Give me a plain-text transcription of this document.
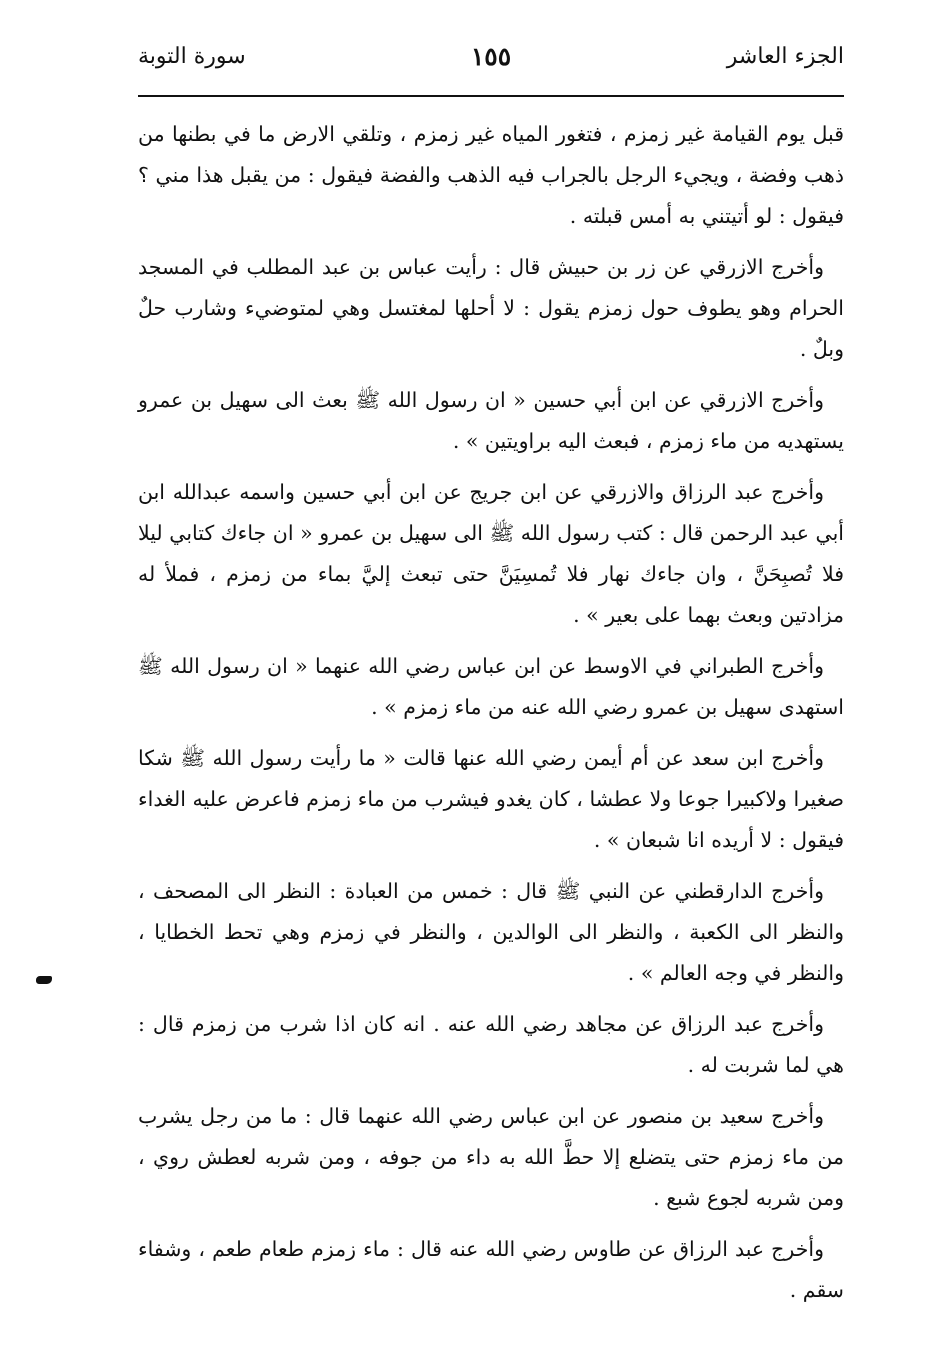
الجزء العاشر
١٥٥
سورة التوبة

قبل يوم القيامة غير زمزم ، فتغور المياه غير زمزم ، وتلقي الارض ما في بطنها من ذهب وفضة ، ويجيء الرجل بالجراب فيه الذهب والفضة فيقول : من يقبل هذا مني ؟ فيقول : لو أتيتني به أمس قبلته .

وأخرج الازرقي عن زر بن حبيش قال : رأيت عباس بن عبد المطلب في المسجد الحرام وهو يطوف حول زمزم يقول : لا أحلها لمغتسل وهي لمتوضيء وشارب حلٌ وبلٌ .

وأخرج الازرقي عن ابن أبي حسين « ان رسول الله ﷺ بعث الى سهيل بن عمرو يستهديه من ماء زمزم ، فبعث اليه براويتين » .

وأخرج عبد الرزاق والازرقي عن ابن جريج عن ابن أبي حسين واسمه عبدالله ابن أبي عبد الرحمن قال : كتب رسول الله ﷺ الى سهيل بن عمرو « ان جاءك كتابي ليلا فلا تُصبِحَنَّ ، وان جاءك نهار فلا تُمسِيَنَّ حتى تبعث إليَّ بماء من زمزم ، فملأ له مزادتين وبعث بهما على بعير » .

وأخرج الطبراني في الاوسط عن ابن عباس رضي الله عنهما « ان رسول الله ﷺ استهدى سهيل بن عمرو رضي الله عنه من ماء زمزم » .

وأخرج ابن سعد عن أم أيمن رضي الله عنها قالت « ما رأيت رسول الله ﷺ شكا صغيرا ولاكبيرا جوعا ولا عطشا ، كان يغدو فيشرب من ماء زمزم فاعرض عليه الغداء فيقول : لا أريده انا شبعان » .

وأخرج الدارقطني عن النبي ﷺ قال : خمس من العبادة : النظر الى المصحف ، والنظر الى الكعبة ، والنظر الى الوالدين ، والنظر في زمزم وهي تحط الخطايا ، والنظر في وجه العالم » .

وأخرج عبد الرزاق عن مجاهد رضي الله عنه . انه كان اذا شرب من زمزم قال : هي لما شربت له .

وأخرج سعيد بن منصور عن ابن عباس رضي الله عنهما قال : ما من رجل يشرب من ماء زمزم حتى يتضلع إلا حطَّ الله به داء من جوفه ، ومن شربه لعطش روي ، ومن شربه لجوع شبع .

وأخرج عبد الرزاق عن طاوس رضي الله عنه قال : ماء زمزم طعام طعم ، وشفاء سقم .
